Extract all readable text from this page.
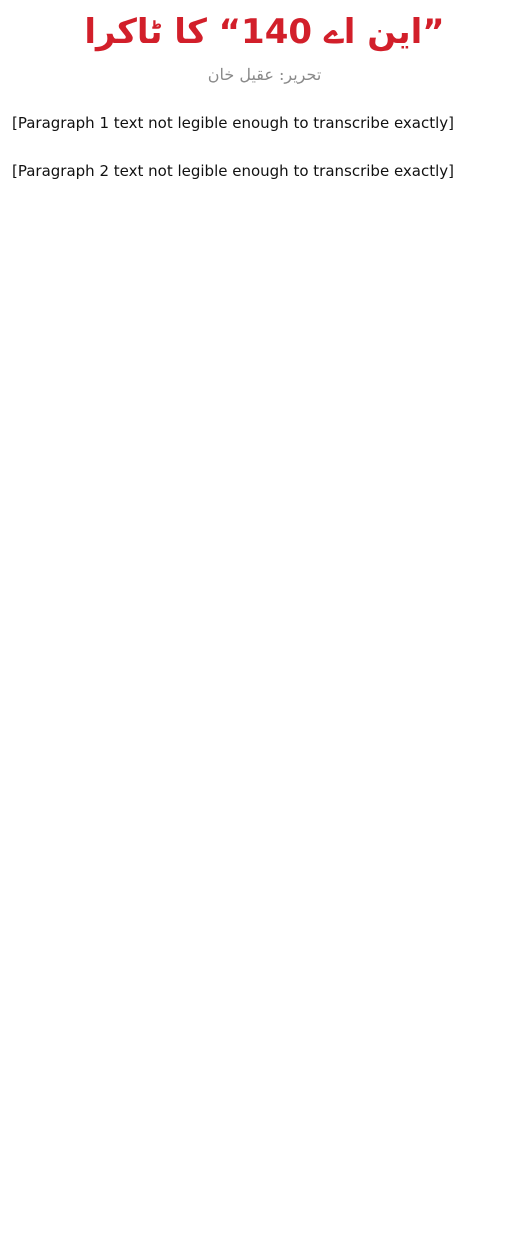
”این اے 140“ کا ٹاکرا
تحریر: عقیل خان

[Paragraph 1 text not legible enough to transcribe exactly]

[Paragraph 2 text not legible enough to transcribe exactly]
